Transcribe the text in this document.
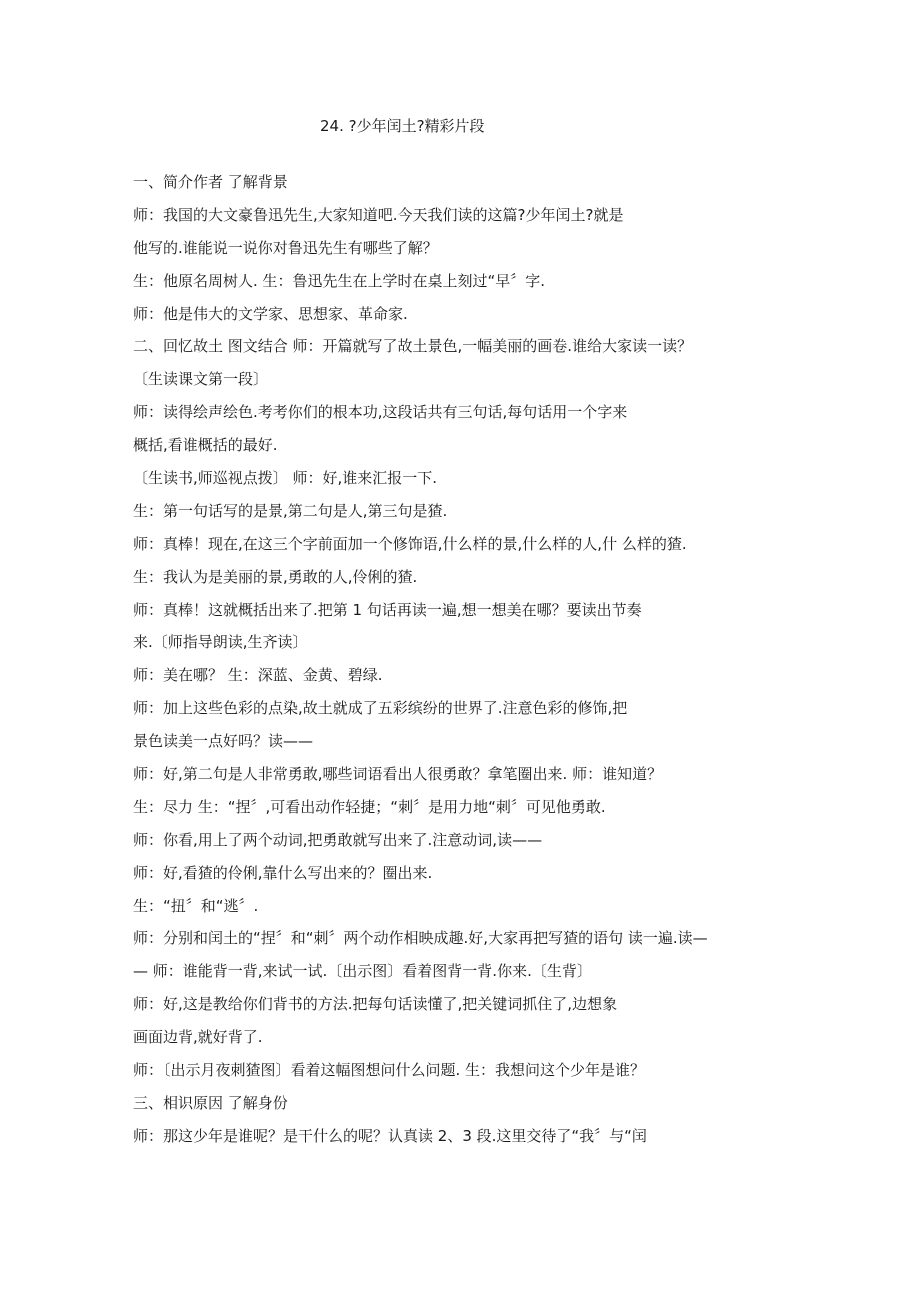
24. ?少年闰土?精彩片段
一、简介作者 了解背景
师：我国的大文豪鲁迅先生,大家知道吧.今天我们读的这篇?少年闰土?就是
他写的.谁能说一说你对鲁迅先生有哪些了解？
生：他原名周树人. 生：鲁迅先生在上学时在桌上刻过“早〞字.
师：他是伟大的文学家、思想家、革命家.
二、回忆故土 图文结合 师：开篇就写了故土景色,一幅美丽的画卷.谁给大家读一读？
〔生读课文第一段〕
师：读得绘声绘色.考考你们的根本功,这段话共有三句话,每句话用一个字来
概括,看谁概括的最好.
〔生读书,师巡视点拨〕 师：好,谁来汇报一下.
生：第一句话写的是景,第二句是人,第三句是猹.
师：真棒！现在,在这三个字前面加一个修饰语,什么样的景,什么样的人,什 么样的猹.
生：我认为是美丽的景,勇敢的人,伶俐的猹.
师：真棒！这就概括出来了.把第 1 句话再读一遍,想一想美在哪？要读出节奏
来.〔师指导朗读,生齐读〕
师：美在哪？ 生：深蓝、金黄、碧绿.
师：加上这些色彩的点染,故土就成了五彩缤纷的世界了.注意色彩的修饰,把
景色读美一点好吗？读——
师：好,第二句是人非常勇敢,哪些词语看出人很勇敢？拿笔圈出来. 师：谁知道？
生：尽力 生：“捏〞,可看出动作轻捷；“刺〞是用力地“刺〞可见他勇敢.
师：你看,用上了两个动词,把勇敢就写出来了.注意动词,读——
师：好,看猹的伶俐,靠什么写出来的？圈出来.
生：“扭〞和“逃〞.
师：分别和闰土的“捏〞和“刺〞两个动作相映成趣.好,大家再把写猹的语句 读一遍.读—
— 师：谁能背一背,来试一试.〔出示图〕看着图背一背.你来.〔生背〕
师：好,这是教给你们背书的方法.把每句话读懂了,把关键词抓住了,边想象
画面边背,就好背了.
师：〔出示月夜刺猹图〕看着这幅图想问什么问题. 生：我想问这个少年是谁？
三、相识原因 了解身份
师：那这少年是谁呢？是干什么的呢？认真读 2、3 段.这里交待了“我〞与“闰
